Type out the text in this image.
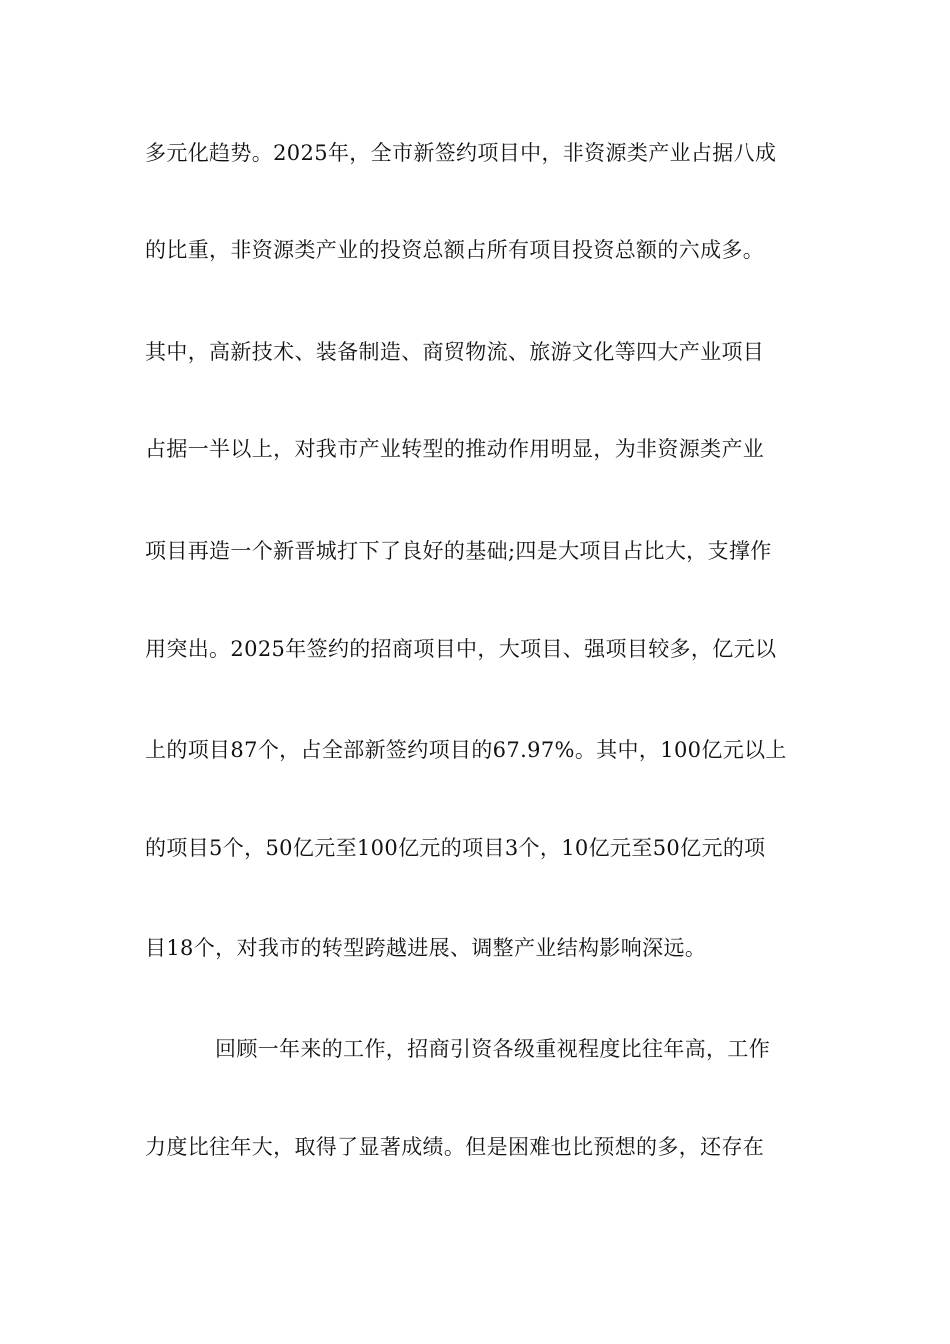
多元化趋势。2025年，全市新签约项目中，非资源类产业占据八成
的比重，非资源类产业的投资总额占所有项目投资总额的六成多。
其中，高新技术、装备制造、商贸物流、旅游文化等四大产业项目
占据一半以上，对我市产业转型的推动作用明显，为非资源类产业
项目再造一个新晋城打下了良好的基础;四是大项目占比大，支撑作
用突出。2025年签约的招商项目中，大项目、强项目较多，亿元以
上的项目87个，占全部新签约项目的67.97%。其中，100亿元以上
的项目5个，50亿元至100亿元的项目3个，10亿元至50亿元的项
目18个，对我市的转型跨越进展、调整产业结构影响深远。
回顾一年来的工作，招商引资各级重视程度比往年高，工作
力度比往年大，取得了显著成绩。但是困难也比预想的多，还存在
